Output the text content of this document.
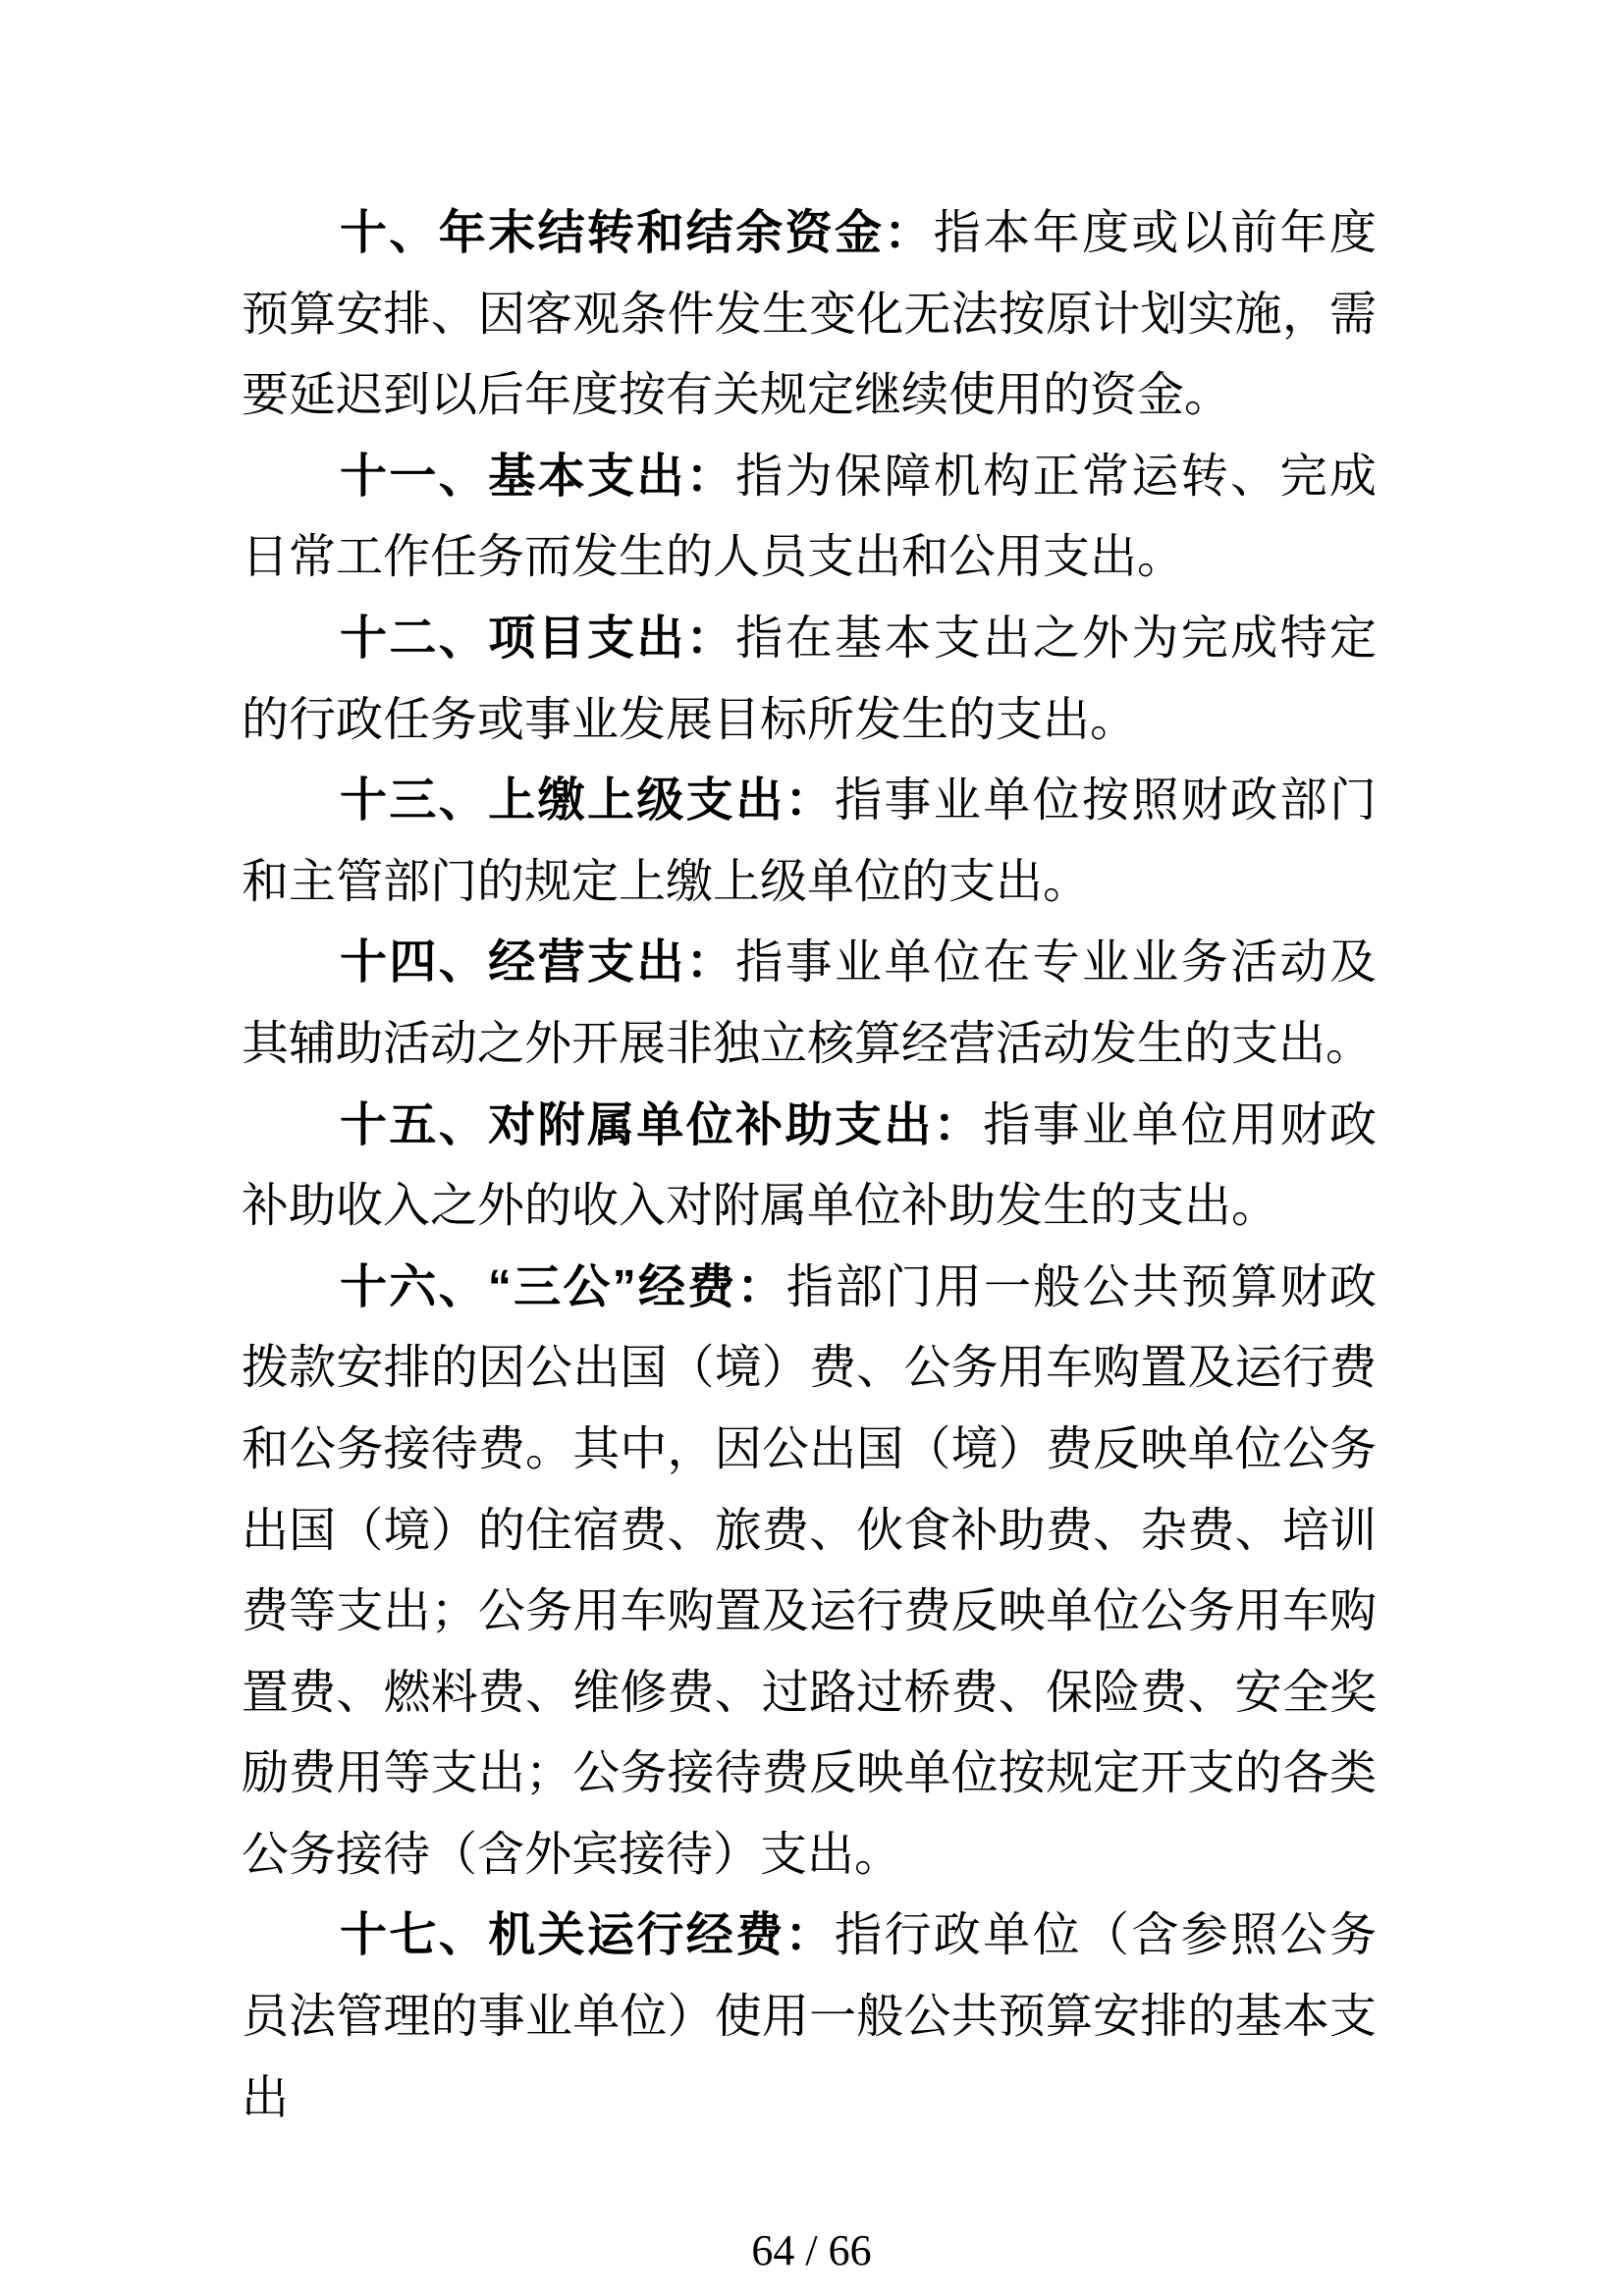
十、年末结转和结余资金：指本年度或以前年度预算安排、因客观条件发生变化无法按原计划实施，需要延迟到以后年度按有关规定继续使用的资金。

十一、基本支出：指为保障机构正常运转、完成日常工作任务而发生的人员支出和公用支出。

十二、项目支出：指在基本支出之外为完成特定的行政任务或事业发展目标所发生的支出。

十三、上缴上级支出：指事业单位按照财政部门和主管部门的规定上缴上级单位的支出。

十四、经营支出：指事业单位在专业业务活动及其辅助活动之外开展非独立核算经营活动发生的支出。

十五、对附属单位补助支出：指事业单位用财政补助收入之外的收入对附属单位补助发生的支出。

十六、“三公”经费：指部门用一般公共预算财政拨款安排的因公出国（境）费、公务用车购置及运行费和公务接待费。其中，因公出国（境）费反映单位公务出国（境）的住宿费、旅费、伙食补助费、杂费、培训费等支出；公务用车购置及运行费反映单位公务用车购置费、燃料费、维修费、过路过桥费、保险费、安全奖励费用等支出；公务接待费反映单位按规定开支的各类公务接待（含外宾接待）支出。

十七、机关运行经费：指行政单位（含参照公务员法管理的事业单位）使用一般公共预算安排的基本支出

64 / 66
